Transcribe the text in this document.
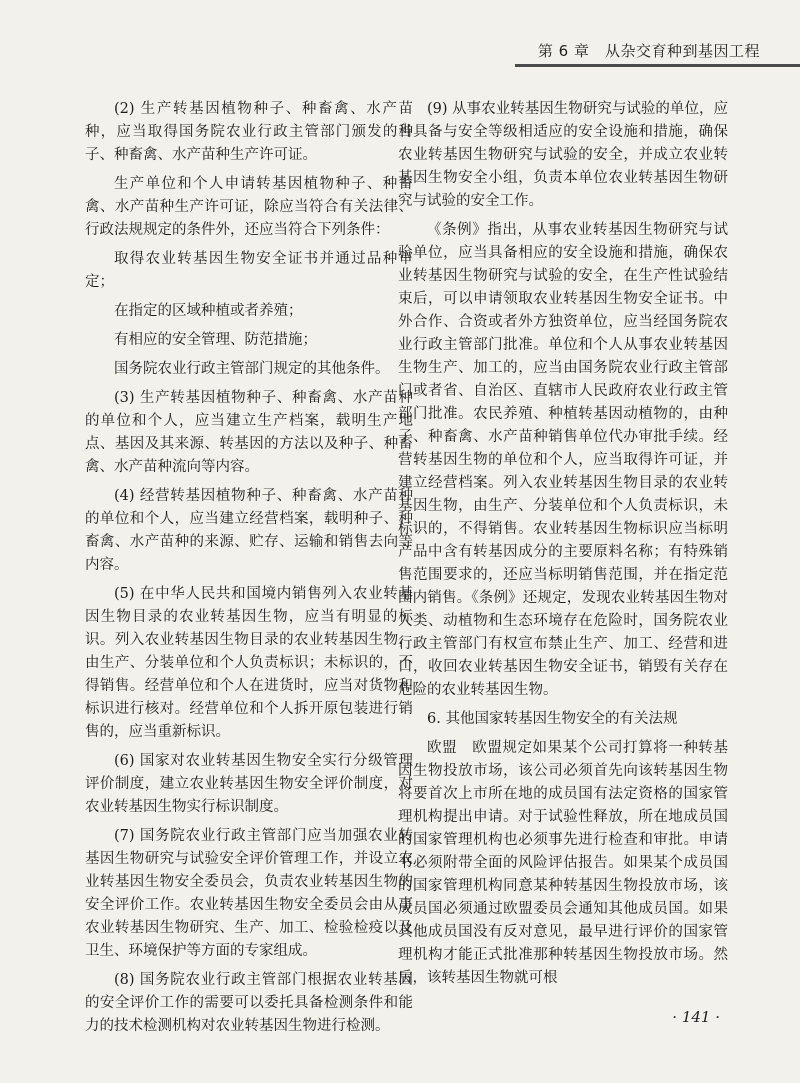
第 6 章　从杂交育种到基因工程

(2) 生产转基因植物种子、种畜禽、水产苗种，应当取得国务院农业行政主管部门颁发的种子、种畜禽、水产苗种生产许可证。

生产单位和个人申请转基因植物种子、种畜禽、水产苗种生产许可证，除应当符合有关法律、行政法规规定的条件外，还应当符合下列条件：

取得农业转基因生物安全证书并通过品种审定；

在指定的区域种植或者养殖；

有相应的安全管理、防范措施；

国务院农业行政主管部门规定的其他条件。

(3) 生产转基因植物种子、种畜禽、水产苗种的单位和个人，应当建立生产档案，载明生产地点、基因及其来源、转基因的方法以及种子、种畜禽、水产苗种流向等内容。

(4) 经营转基因植物种子、种畜禽、水产苗种的单位和个人，应当建立经营档案，载明种子、种畜禽、水产苗种的来源、贮存、运输和销售去向等内容。

(5) 在中华人民共和国境内销售列入农业转基因生物目录的农业转基因生物，应当有明显的标识。列入农业转基因生物目录的农业转基因生物，由生产、分装单位和个人负责标识；未标识的，不得销售。经营单位和个人在进货时，应当对货物和标识进行核对。经营单位和个人拆开原包装进行销售的，应当重新标识。

(6) 国家对农业转基因生物安全实行分级管理评价制度，建立农业转基因生物安全评价制度，对农业转基因生物实行标识制度。

(7) 国务院农业行政主管部门应当加强农业转基因生物研究与试验安全评价管理工作，并设立农业转基因生物安全委员会，负责农业转基因生物的安全评价工作。农业转基因生物安全委员会由从事农业转基因生物研究、生产、加工、检验检疫以及卫生、环境保护等方面的专家组成。

(8) 国务院农业行政主管部门根据农业转基因的安全评价工作的需要可以委托具备检测条件和能力的技术检测机构对农业转基因生物进行检测。

(9) 从事农业转基因生物研究与试验的单位，应当具备与安全等级相适应的安全设施和措施，确保农业转基因生物研究与试验的安全，并成立农业转基因生物安全小组，负责本单位农业转基因生物研究与试验的安全工作。

《条例》指出，从事农业转基因生物研究与试验单位，应当具备相应的安全设施和措施，确保农业转基因生物研究与试验的安全，在生产性试验结束后，可以申请领取农业转基因生物安全证书。中外合作、合资或者外方独资单位，应当经国务院农业行政主管部门批准。单位和个人从事农业转基因生物生产、加工的，应当由国务院农业行政主管部门或者省、自治区、直辖市人民政府农业行政主管部门批准。农民养殖、种植转基因动植物的，由种子、种畜禽、水产苗种销售单位代办审批手续。经营转基因生物的单位和个人，应当取得许可证，并建立经营档案。列入农业转基因生物目录的农业转基因生物，由生产、分装单位和个人负责标识，未标识的，不得销售。农业转基因生物标识应当标明产品中含有转基因成分的主要原料名称；有特殊销售范围要求的，还应当标明销售范围，并在指定范围内销售。《条例》还规定，发现农业转基因生物对人类、动植物和生态环境存在危险时，国务院农业行政主管部门有权宣布禁止生产、加工、经营和进口，收回农业转基因生物安全证书，销毁有关存在危险的农业转基因生物。

6. 其他国家转基因生物安全的有关法规

欧盟　欧盟规定如果某个公司打算将一种转基因生物投放市场，该公司必须首先向该转基因生物将要首次上市所在地的成员国有法定资格的国家管理机构提出申请。对于试验性释放，所在地成员国的国家管理机构也必须事先进行检查和审批。申请书必须附带全面的风险评估报告。如果某个成员国的国家管理机构同意某种转基因生物投放市场，该成员国必须通过欧盟委员会通知其他成员国。如果其他成员国没有反对意见，最早进行评价的国家管理机构才能正式批准那种转基因生物投放市场。然后，该转基因生物就可根

· 141 ·
